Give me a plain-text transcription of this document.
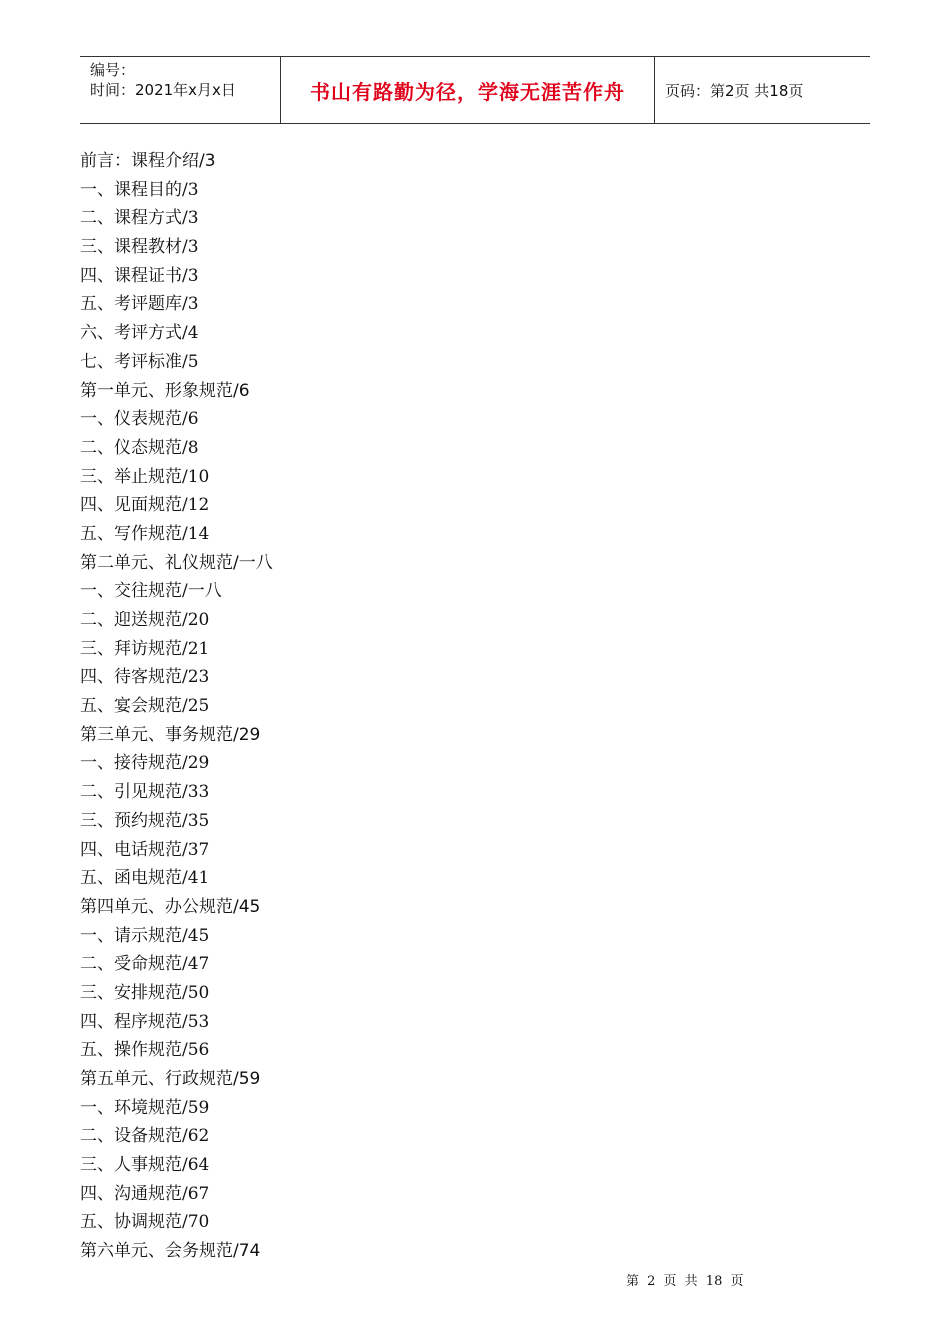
编号：
时间：2021年x月x日	书山有路勤为径，学海无涯苦作舟	页码：第2页 共18页
前言：课程介绍/3
一、课程目的/3
二、课程方式/3
三、课程教材/3
四、课程证书/3
五、考评题库/3
六、考评方式/4
七、考评标准/5
第一单元、形象规范/6
一、仪表规范/6
二、仪态规范/8
三、举止规范/10
四、见面规范/12
五、写作规范/14
第二单元、礼仪规范/一八
一、交往规范/一八
二、迎送规范/20
三、拜访规范/21
四、待客规范/23
五、宴会规范/25
第三单元、事务规范/29
一、接待规范/29
二、引见规范/33
三、预约规范/35
四、电话规范/37
五、函电规范/41
第四单元、办公规范/45
一、请示规范/45
二、受命规范/47
三、安排规范/50
四、程序规范/53
五、操作规范/56
第五单元、行政规范/59
一、环境规范/59
二、设备规范/62
三、人事规范/64
四、沟通规范/67
五、协调规范/70
第六单元、会务规范/74
第 2 页 共 18 页
